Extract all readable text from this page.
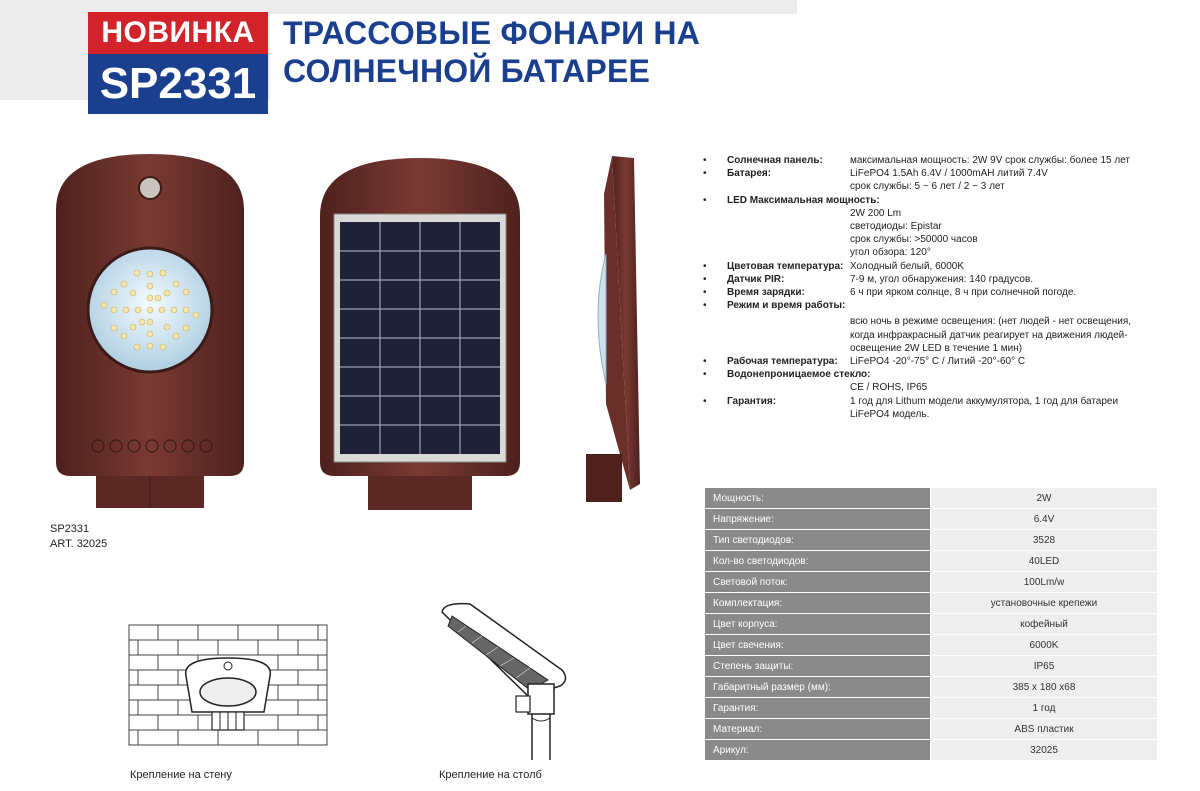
НОВИНКА
SP2331
ТРАССОВЫЕ ФОНАРИ НА
СОЛНЕЧНОЙ БАТАРЕЕ
SP2331
ART. 32025
Крепление на стену	Крепление на столб
• Солнечная панель:	максимальная мощность: 2W 9V срок службы: более 15 лет
• Батарея:	LiFePO4 1.5Ah 6.4V / 1000mAH литий 7.4V
срок службы: 5 ~ 6 лет / 2 ~ 3 лет
• LED Максимальная мощность:
2W 200 Lm
светодиоды: Epistar
срок службы: >50000 часов
угол обзора: 120°
• Цветовая температура: Холодный белый, 6000K
• Датчик PIR:	7-9 м, угол обнаружения: 140 градусов.
• Время зарядки:	6 ч при ярком солнце, 8 ч при солнечной погоде.
• Режим и время работы:
всю ночь в режиме освещения: (нет людей - нет освещения,
когда инфракрасный датчик реагирует на движения людей-
освещение 2W LED в течение 1 мин)
• Рабочая температура: LiFePO4 -20°-75° C / Литий -20°-60° C
• Водонепроницаемое стекло:
CE / ROHS, IP65
• Гарантия:	1 год для Lithum модели аккумулятора, 1 год для батареи
LiFePO4 модель.
Мощность:	2W
Напряжение:	6.4V
Тип светодиодов:	3528
Кол-во светодиодов:	40LED
Световой поток:	100Lm/w
Комплектация:	установочные крепежи
Цвет корпуса:	кофейный
Цвет свечения:	6000K
Степень защиты:	IP65
Габаритный размер (мм):	385 x 180 x68
Гарантия:	1 год
Материал:	ABS пластик
Арикул:	32025
